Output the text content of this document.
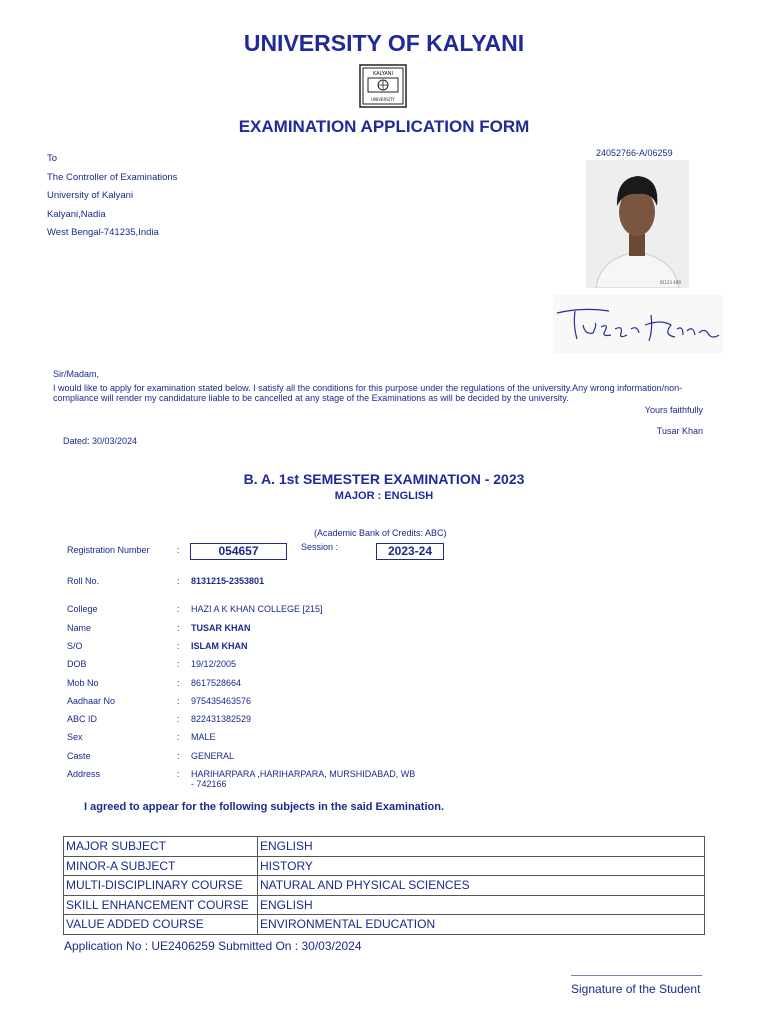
UNIVERSITY OF KALYANI
KALYANI
UNIVERSITY
EXAMINATION APPLICATION FORM
To
The Controller of Examinations
University of Kalyani
Kalyani,Nadia
West Bengal-741235,India
24052766-A/06259
ID123 4BR
Sir/Madam,
I would like to apply for examination stated below. I satisfy all the conditions for this purpose under the regulations of the university.Any wrong information/non-compliance will render my candidature liable to be cancelled at any stage of the Examinations as will be decided by the university.
Yours faithfully
Tusar Khan
Dated: 30/03/2024
B. A. 1st SEMESTER EXAMINATION - 2023
MAJOR : ENGLISH
(Academic Bank of Credits: ABC)
Registration Number	:	054657	Session :	2023-24
Roll No.	: 8131215-2353801
College	: HAZI A K KHAN COLLEGE [215]
Name	: TUSAR KHAN
S/O	: ISLAM KHAN
DOB	: 19/12/2005
Mob No	: 8617528664
Aadhaar No	: 975435463576
ABC ID	: 822431382529
Sex	: MALE
Caste	: GENERAL
Address	: HARIHARPARA ,HARIHARPARA, MURSHIDABAD, WB
- 742166
I agreed to appear for the following subjects in the said Examination.
MAJOR SUBJECT	ENGLISH
MINOR-A SUBJECT	HISTORY
MULTI-DISCIPLINARY COURSE	NATURAL AND PHYSICAL SCIENCES
SKILL ENHANCEMENT COURSE	ENGLISH
VALUE ADDED COURSE	ENVIRONMENTAL EDUCATION
Application No : UE2406259 Submitted On : 30/03/2024
Signature of the Student
